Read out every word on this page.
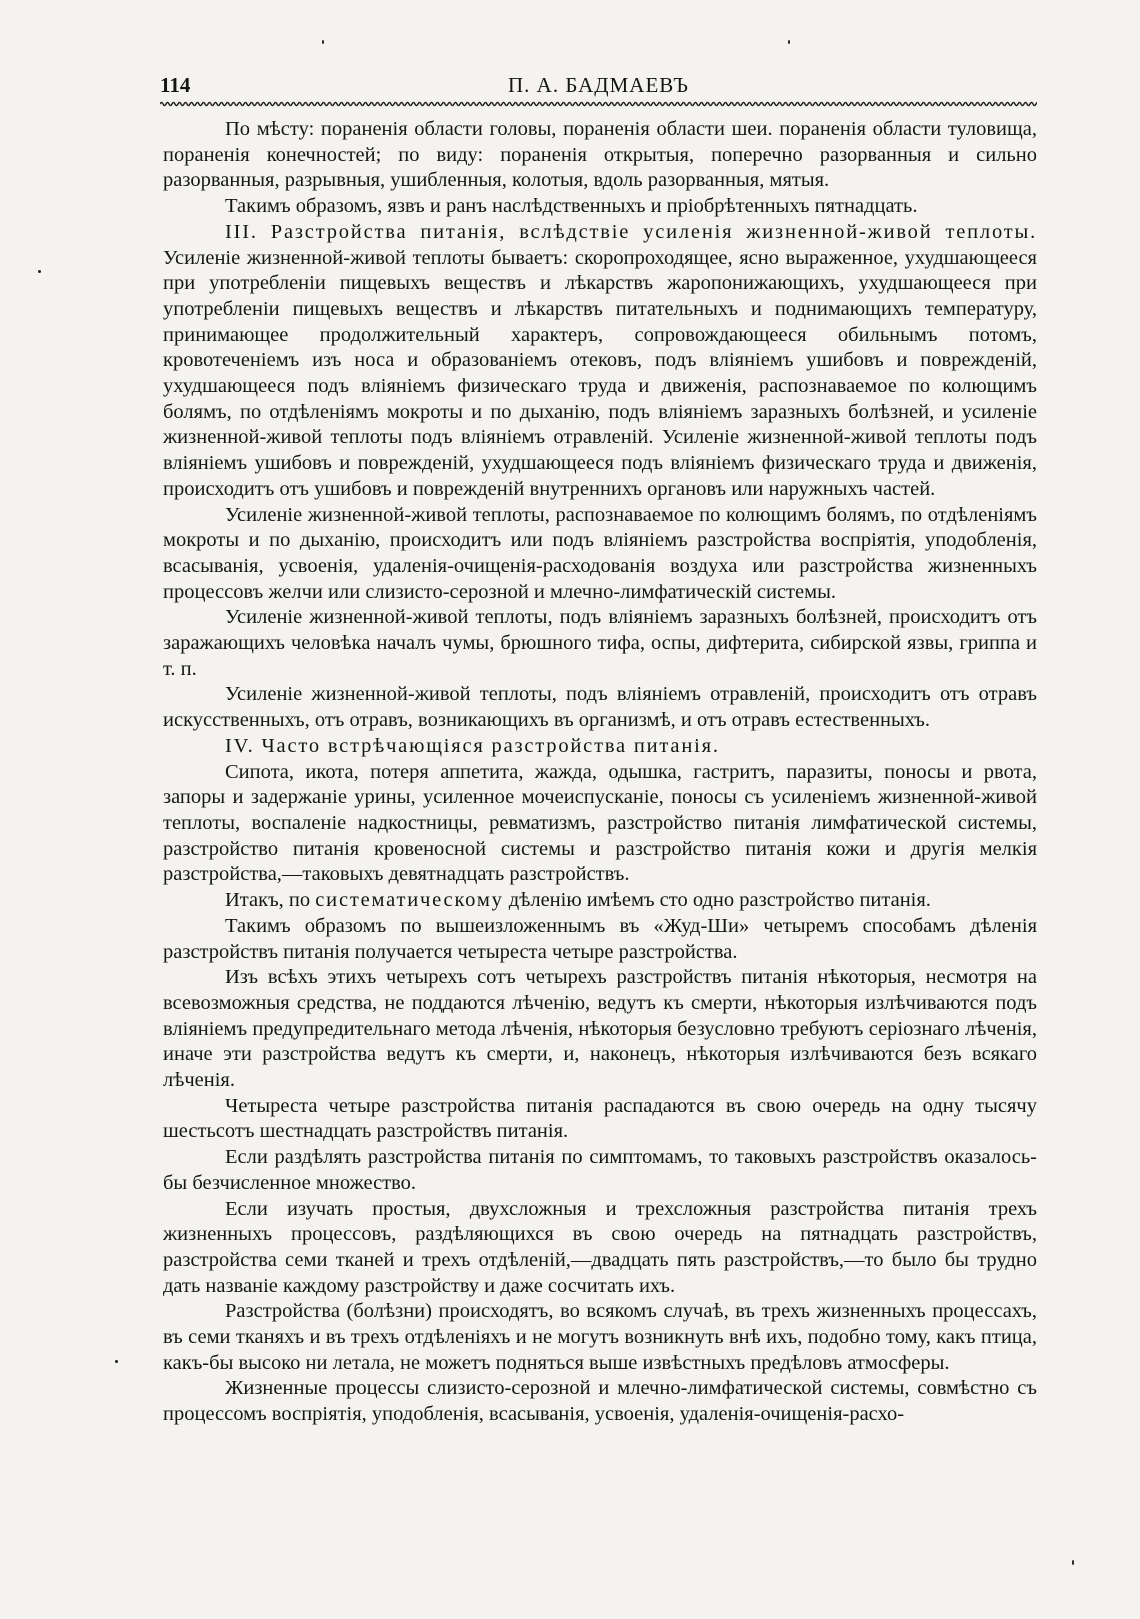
114	П. А. БАДМАЕВЪ

По мѣсту: пораненія области головы, пораненія области шеи. пораненія области туловища, пораненія конечностей; по виду: пораненія открытыя, поперечно разорванныя и сильно разорванныя, разрывныя, ушибленныя, колотыя, вдоль разорванныя, мятыя.

Такимъ образомъ, язвъ и ранъ наслѣдственныхъ и пріобрѣтенныхъ пятнадцать.

III. Разстройства питанія, вслѣдствіе усиленія жизненной-живой теплоты. Усиленіе жизненной-живой теплоты бываетъ: скоропроходящее, ясно выраженное, ухудшающееся при употребленіи пищевыхъ веществъ и лѣкарствъ жаропонижающихъ, ухудшающееся при употребленіи пищевыхъ веществъ и лѣкарствъ питательныхъ и поднимающихъ температуру, принимающее продолжительный характеръ, сопровождающееся обильнымъ потомъ, кровотеченіемъ изъ носа и образованіемъ отековъ, подъ вліяніемъ ушибовъ и поврежденій, ухудшающееся подъ вліяніемъ физическаго труда и движенія, распознаваемое по колющимъ болямъ, по отдѣленіямъ мокроты и по дыханію, подъ вліяніемъ заразныхъ болѣзней, и усиленіе жизненной-живой теплоты подъ вліяніемъ отравленій. Усиленіе жизненной-живой теплоты подъ вліяніемъ ушибовъ и поврежденій, ухудшающееся подъ вліяніемъ физическаго труда и движенія, происходитъ отъ ушибовъ и поврежденій внутреннихъ органовъ или наружныхъ частей.

Усиленіе жизненной-живой теплоты, распознаваемое по колющимъ болямъ, по отдѣленіямъ мокроты и по дыханію, происходитъ или подъ вліяніемъ разстройства воспріятія, уподобленія, всасыванія, усвоенія, удаленія-очищенія-расходованія воздуха или разстройства жизненныхъ процессовъ желчи или слизисто-серозной и млечно-лимфатическій системы.

Усиленіе жизненной-живой теплоты, подъ вліяніемъ заразныхъ болѣзней, происходитъ отъ заражающихъ человѣка началъ чумы, брюшного тифа, оспы, дифтерита, сибирской язвы, гриппа и т. п.

Усиленіе жизненной-живой теплоты, подъ вліяніемъ отравленій, происходитъ отъ отравъ искусственныхъ, отъ отравъ, возникающихъ въ организмѣ, и отъ отравъ естественныхъ.

IV. Часто встрѣчающіяся разстройства питанія.

Сипота, икота, потеря аппетита, жажда, одышка, гастритъ, паразиты, поносы и рвота, запоры и задержаніе урины, усиленное мочеиспусканіе, поносы съ усиленіемъ жизненной-живой теплоты, воспаленіе надкостницы, ревматизмъ, разстройство питанія лимфатической системы, разстройство питанія кровеносной системы и разстройство питанія кожи и другія мелкія разстройства,—таковыхъ девятнадцать разстройствъ.

Итакъ, по систематическому дѣленію имѣемъ сто одно разстройство питанія.

Такимъ образомъ по вышеизложеннымъ въ «Жуд-Ши» четыремъ способамъ дѣленія разстройствъ питанія получается четыреста четыре разстройства.

Изъ всѣхъ этихъ четырехъ сотъ четырехъ разстройствъ питанія нѣкоторыя, несмотря на всевозможныя средства, не поддаются лѣченію, ведутъ къ смерти, нѣкоторыя излѣчиваются подъ вліяніемъ предупредительнаго метода лѣченія, нѣкоторыя безусловно требуютъ серіознаго лѣченія, иначе эти разстройства ведутъ къ смерти, и, наконецъ, нѣкоторыя излѣчиваются безъ всякаго лѣченія.

Четыреста четыре разстройства питанія распадаются въ свою очередь на одну тысячу шестьсотъ шестнадцать разстройствъ питанія.

Если раздѣлять разстройства питанія по симптомамъ, то таковыхъ разстройствъ оказалось-бы безчисленное множество.

Если изучать простыя, двухсложныя и трехсложныя разстройства питанія трехъ жизненныхъ процессовъ, раздѣляющихся въ свою очередь на пятнадцать разстройствъ, разстройства семи тканей и трехъ отдѣленій,—двадцать пять разстройствъ,—то было бы трудно дать названіе каждому разстройству и даже сосчитать ихъ.

Разстройства (болѣзни) происходятъ, во всякомъ случаѣ, въ трехъ жизненныхъ процессахъ, въ семи тканяхъ и въ трехъ отдѣленіяхъ и не могутъ возникнуть внѣ ихъ, подобно тому, какъ птица, какъ-бы высоко ни летала, не можетъ подняться выше извѣстныхъ предѣловъ атмосферы.

Жизненные процессы слизисто-серозной и млечно-лимфатической системы, совмѣстно съ процессомъ воспріятія, уподобленія, всасыванія, усвоенія, удаленія-очищенія-расхо-
